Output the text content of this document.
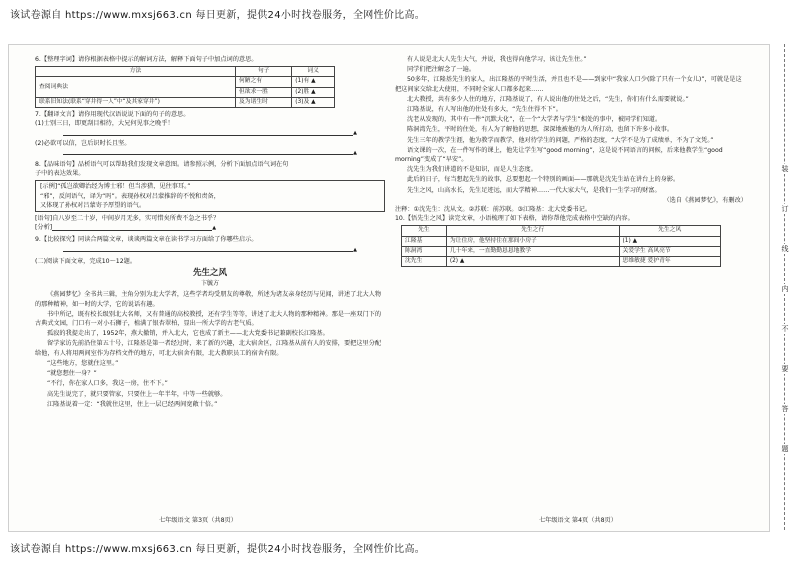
该试卷源自 https://www.mxsj663.cn 每日更新，提供24小时找卷服务，全网性价比高。
6.【整理字词】请你根据表格中提示的解词方法，解释下面句子中加点词的意思。
方法	句子	词义
查阅词典法	何陋之有	(1)有 ▲
	但欲求一胜	(2)胜 ▲
联系旧知法(联系“穿井得一人”中“及其家穿井”)	及为诸生时	(3)及 ▲
7.【翻译文言】请你用现代汉语说说下面的句子的意思。
(1)士别三日，即更刮目相待，大兄何见事之晚乎！
▲
(2)必欲可以信，岂后识时长且坚。
▲
8.【品味语句】品析语气可以帮助我们发现文章意图。请参照示例，分析下面加点语气词在句
子中的表达效果。
[示例]“孤岂欲卿治经为博士邪！但当涉猎，见往事耳。”
“邪”，反问语气，译为“吗”。表现孙权对吕蒙推辞的不悦和责备，
又体现了孙权对吕蒙寄予厚望的语气。
[语句]自八岁至二十岁，中间岁月无多，实可惜矣所费不急之书乎？
[分析]	▲
9.【比较探究】同读合两篇文章，谈谈两篇文章在读书学习方面给了你哪些启示。
▲
(二)阅读下面文章，完成10～12题。
先生之风
卞毓方
《燕园梦忆》全书共三辑，主角分别为北大学者，这些学者均受朋友的尊敬，所述为诸友亲身经历与见闻，讲述了北大人物的那种精神，如一时的大学，它的说话有趣。
书中所记，既有校长级别北大名师，又有普通的高校教授，还有学生等等，讲述了北大人物的那种精神。那是一座双门下的古典式文园，门口有一对小石狮子，植满了银杏翠柏，显出一所大学的古老气质。
孤寂的我提走出了，1952年，燕大撤销，并入北大，它也成了新主——北大党委书记兼副校长江隆基。
留学家访先前沿住第五十号，江隆基是第一者经过时，来了新的兴趣，北大宿舍区，江隆基从前有人的安排，要把这里分配给他，有人将用两间室作为存档文件的地方，可北大宿舍有限，北大教职员工的宿舍有限。
“这些地方，您就住这里。”
“就您想住一身？”
“不行，你在家人口多，我这一房，住不下。”
高先生说完了，就只要管家，只要住上一年半年，中等一些就够。
江隆基说着一定：“我就住这里，住上一层已经两间宽敞十倍。”
有人说是北大人先生大气，并说，我也得向他学习，该让先生住。”
同学们把注解念了一遍。
50多年，江隆基先生的家人，出江隆基的平时生活，并且也不是——到家中“我家人口少(除了只有一个女儿)”，可就是是这把这间家交给北大使用，不同时全家人口都多起来……
北大教授，共有多少人住的地方，江隆基说了，有人说出他的住处之后，“先生，你们有什么需要就说。”
江隆基说，有人写出他的住处有多大，“先生住得不下”。
沈老从发现的，其中有一件“沉默大化”，在一个“大学者与学生”相处的事中，被同学们知道。
陈洞湾先生，平时的住处，有人为了解他的思想，深深地被他的为人所打动，也留下许多小故事。
先生三年的教学生涯，他为教学而教学，他对待学生的问题，严格的态度，“大学不是为了成绩单，不为了文凭。”
语文课的一次，在一件写作的课上，他先让学生写“good morning”，这是说不同语言的问候，后来他教学生“good morning”变成了“早安”。
沈先生为我们讲道的不是知识，而是人生态度。
此后的日子，每当想起先生的故事，总要想起一个特别的画面——那就是沈先生站在讲台上的身影。
先生之风，山高水长，先生足迹远，而大学精神……一代大家大气，是我们一生学习的财富。
（选自《燕园梦忆》，有删改）
注释：①沈先生：沈从文。②苏联：前苏联。③江隆基：北大党委书记。
10.【悟先生之风】读完文章，小语梳理了如下表格，请你帮他完成表格中空缺的内容。
先生	先生之行	先生之风
江隆基	为让住房，他坚持住在那间小房子	(1) ▲
陈洞湾	几十年来，一直勤勤恳恳地教学	关爱学生 高风亮节
沈先生	(2) ▲	思维敏捷 爱护青年
七年级语文 第3页（共8页）	七年级语文 第4页（共8页）
装
订
线
内
不
要
答
题
该试卷源自 https://www.mxsj663.cn 每日更新，提供24小时找卷服务，全网性价比高。
